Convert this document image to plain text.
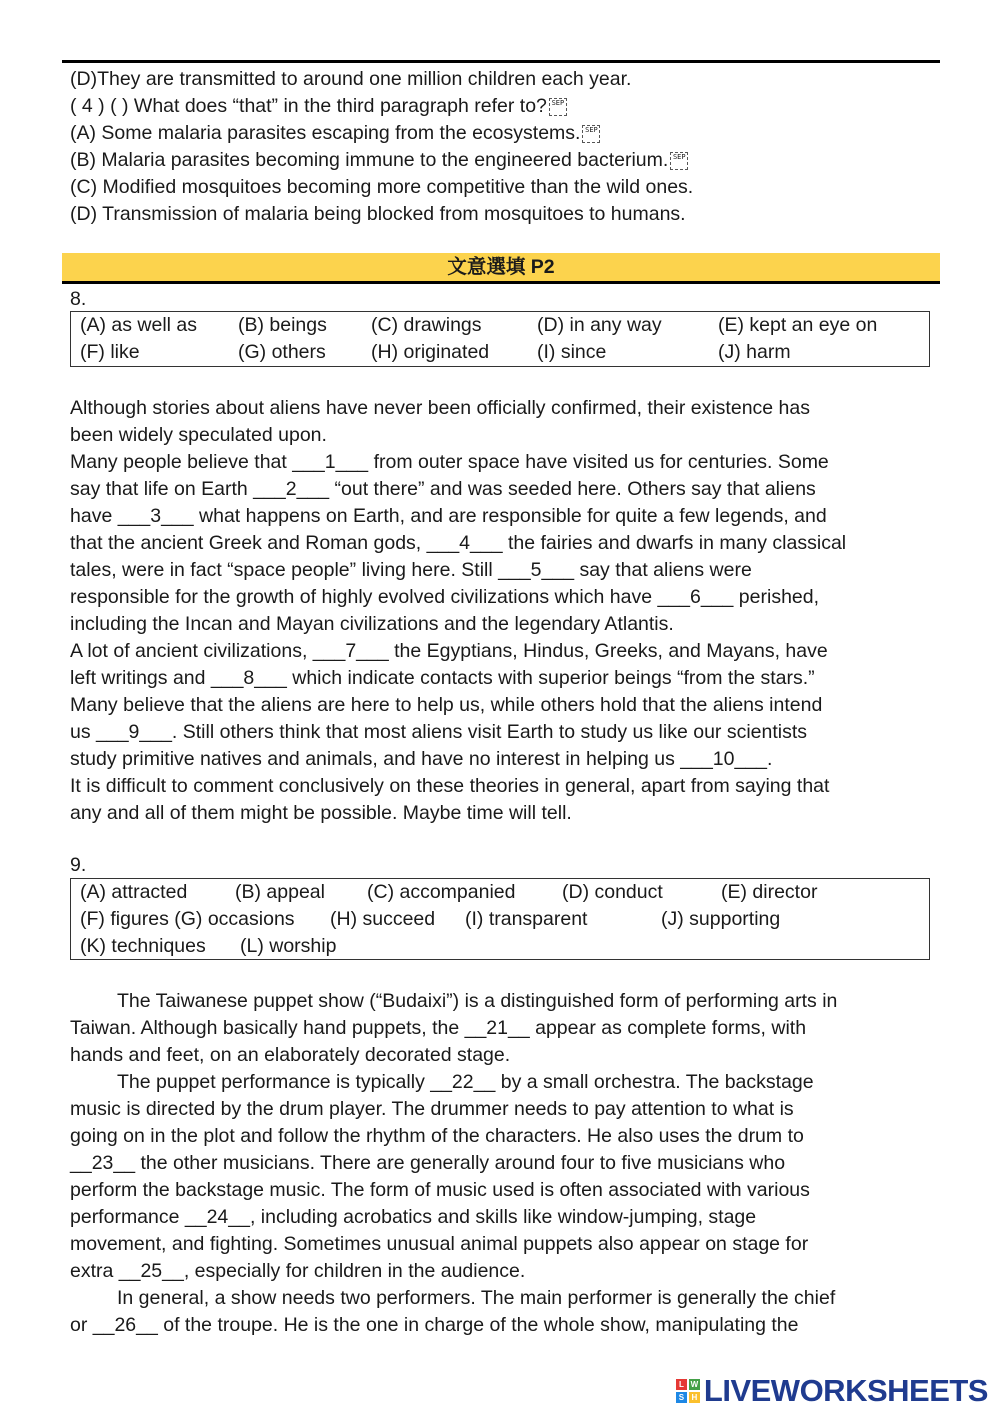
(D)They are transmitted to around one million children each year.
( 4 ) ( ) What does “that” in the third paragraph refer to? SEP
(A) Some malaria parasites escaping from the ecosystems. SEP
(B) Malaria parasites becoming immune to the engineered bacterium. SEP
(C) Modified mosquitoes becoming more competitive than the wild ones.
(D) Transmission of malaria being blocked from mosquitoes to humans.
文意選填 P2
8.
(A) as well as (B) beings (C) drawings	(D) in any way	(E) kept an eye on
(F) like	(G) others (H) originated (I) since	(J) harm
Although stories about aliens have never been officially confirmed, their existence has
been widely speculated upon.
Many people believe that ___1___ from outer space have visited us for centuries. Some
say that life on Earth ___2___ “out there” and was seeded here. Others say that aliens
have ___3___ what happens on Earth, and are responsible for quite a few legends, and
that the ancient Greek and Roman gods, ___4___ the fairies and dwarfs in many classical
tales, were in fact “space people” living here. Still ___5___ say that aliens were
responsible for the growth of highly evolved civilizations which have ___6___ perished,
including the Incan and Mayan civilizations and the legendary Atlantis.
A lot of ancient civilizations, ___7___ the Egyptians, Hindus, Greeks, and Mayans, have
left writings and ___8___ which indicate contacts with superior beings “from the stars.”
Many believe that the aliens are here to help us, while others hold that the aliens intend
us ___9___. Still others think that most aliens visit Earth to study us like our scientists
study primitive natives and animals, and have no interest in helping us ___10___.
It is difficult to comment conclusively on these theories in general, apart from saying that
any and all of them might be possible. Maybe time will tell.
9.
(A) attracted (B) appeal (C) accompanied (D) conduct	(E) director
(F) figures (G) occasions (H) succeed (I) transparent	(J) supporting
(K) techniques (L) worship
The Taiwanese puppet show (“Budaixi”) is a distinguished form of performing arts in
Taiwan. Although basically hand puppets, the __21__ appear as complete forms, with
hands and feet, on an elaborately decorated stage.
The puppet performance is typically __22__ by a small orchestra. The backstage
music is directed by the drum player. The drummer needs to pay attention to what is
going on in the plot and follow the rhythm of the characters. He also uses the drum to
__23__ the other musicians. There are generally around four to five musicians who
perform the backstage music. The form of music used is often associated with various
performance __24__, including acrobatics and skills like window-jumping, stage
movement, and fighting. Sometimes unusual animal puppets also appear on stage for
extra __25__, especially for children in the audience.
In general, a show needs two performers. The main performer is generally the chief
or __26__ of the troupe. He is the one in charge of the whole show, manipulating the
L W
S H LIVEWORKSHEETS
